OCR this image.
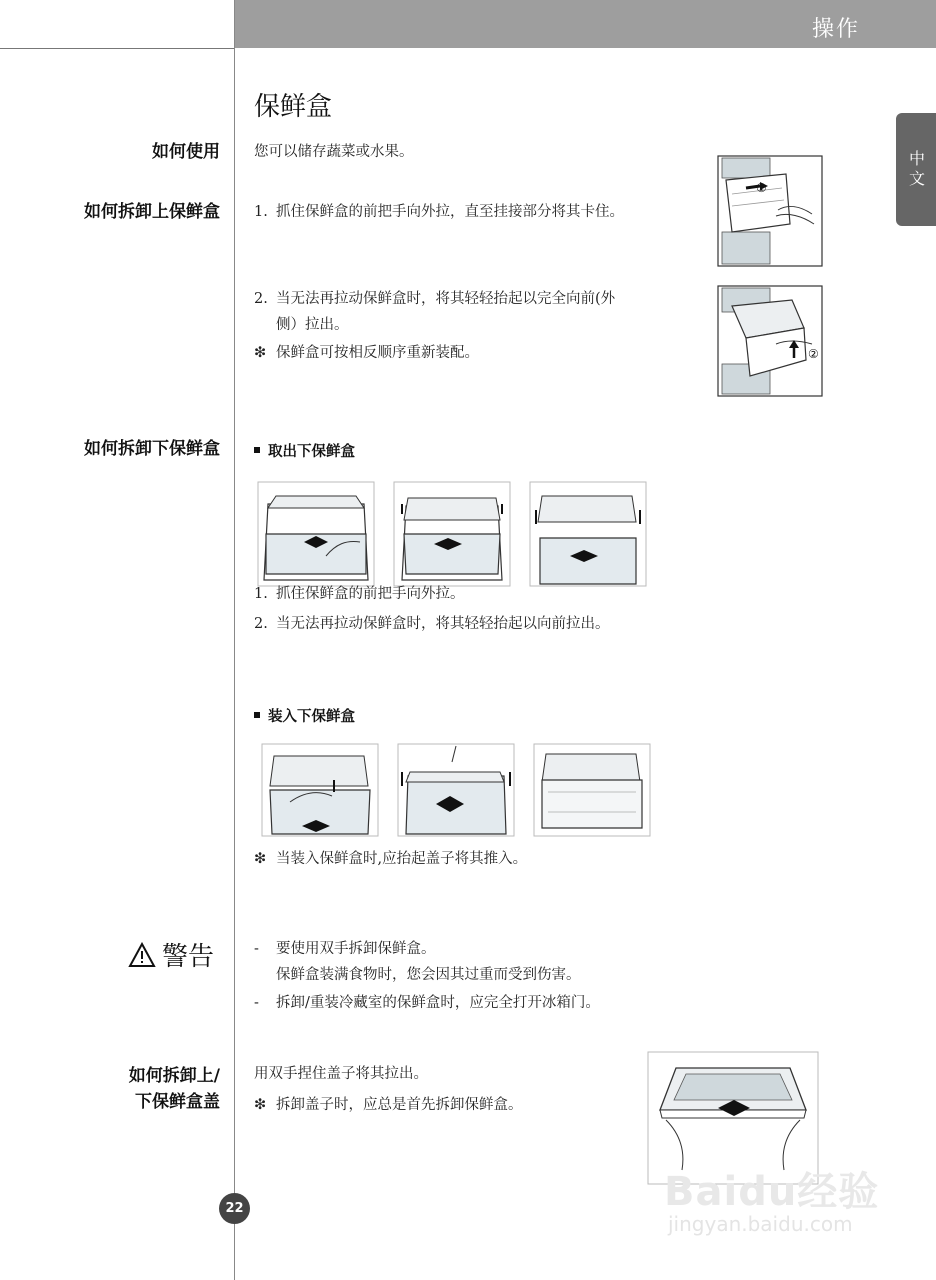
操作
中文
保鲜盒
如何使用 您可以储存蔬菜或水果。
如何拆卸上保鲜盒 1. 抓住保鲜盒的前把手向外拉，直至挂接部分将其卡住。
2. 当无法再拉动保鲜盒时，将其轻轻抬起以完全向前(外
侧）拉出。
❇ 保鲜盒可按相反顺序重新装配。
①
②
如何拆卸下保鲜盒	取出下保鲜盒
1. 抓住保鲜盒的前把手向外拉。
2. 当无法再拉动保鲜盒时，将其轻轻抬起以向前拉出。
装入下保鲜盒
❇ 当装入保鲜盒时,应抬起盖子将其推入。
警告	- 要使用双手拆卸保鲜盒。
保鲜盒装满食物时，您会因其过重而受到伤害。
- 拆卸/重装冷藏室的保鲜盒时，应完全打开冰箱门。
如何拆卸上/
下保鲜盒盖
用双手捏住盖子将其拉出。
❇ 拆卸盖子时，应总是首先拆卸保鲜盒。
22	Baidu经验
jingyan.baidu.com
